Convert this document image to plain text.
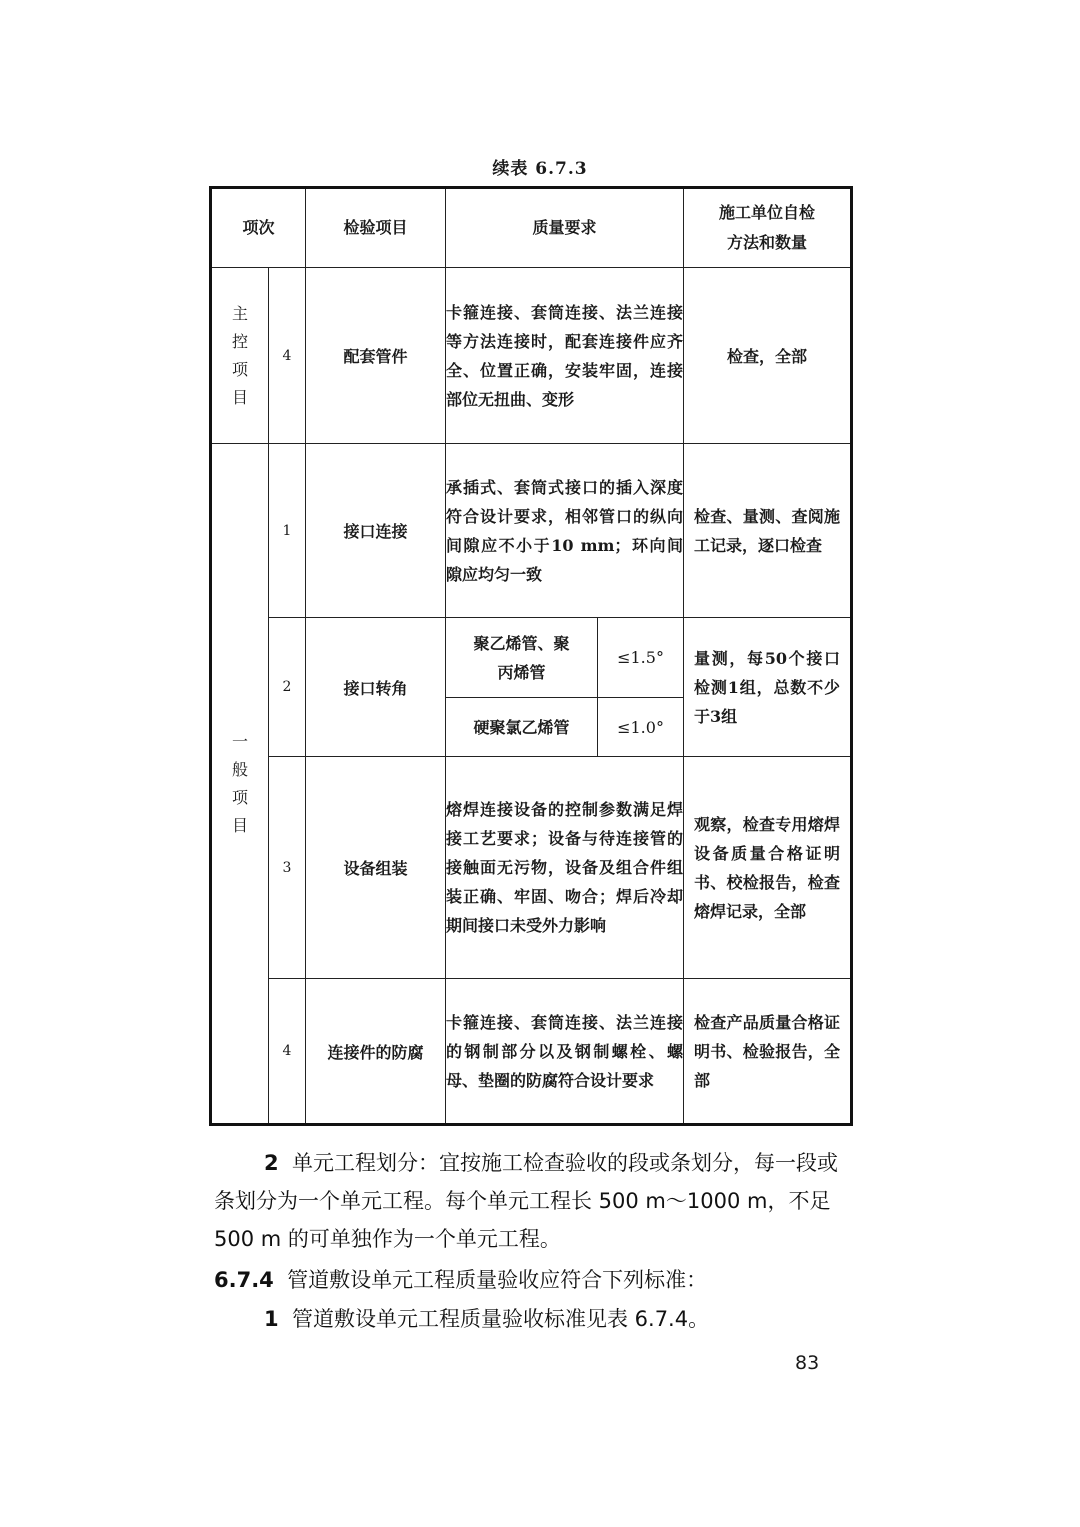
续表 6.7.3
项次		检验项目	质量要求		施工单位自检方法和数量
主控项目	4	配套管件	卡箍连接、套筒连接、法兰连接等方法连接时，配套连接件应齐全、位置正确，安装牢固，连接部位无扭曲、变形		检查，全部
一般项目	1	接口连接	承插式、套筒式接口的插入深度符合设计要求，相邻管口的纵向间隙应不小于10 mm；环向间隙应均匀一致		检查、量测、查阅施工记录，逐口检查
	2	接口转角	聚乙烯管、聚丙烯管	≤1.5°	量测，每50个接口检测1组，总数不少于3组
			硬聚氯乙烯管	≤1.0°	
	3	设备组装	熔焊连接设备的控制参数满足焊接工艺要求；设备与待连接管的接触面无污物，设备及组合件组装正确、牢固、吻合；焊后冷却期间接口未受外力影响		观察，检查专用熔焊设备质量合格证明书、校检报告，检查熔焊记录，全部
	4	连接件的防腐	卡箍连接、套筒连接、法兰连接的钢制部分以及钢制螺栓、螺母、垫圈的防腐符合设计要求		检查产品质量合格证明书、检验报告，全部
2 单元工程划分：宜按施工检查验收的段或条划分，每一段或条划分为一个单元工程。每个单元工程长 500 m～1000 m，不足 500 m 的可单独作为一个单元工程。
6.7.4 管道敷设单元工程质量验收应符合下列标准：
1 管道敷设单元工程质量验收标准见表 6.7.4。
83
